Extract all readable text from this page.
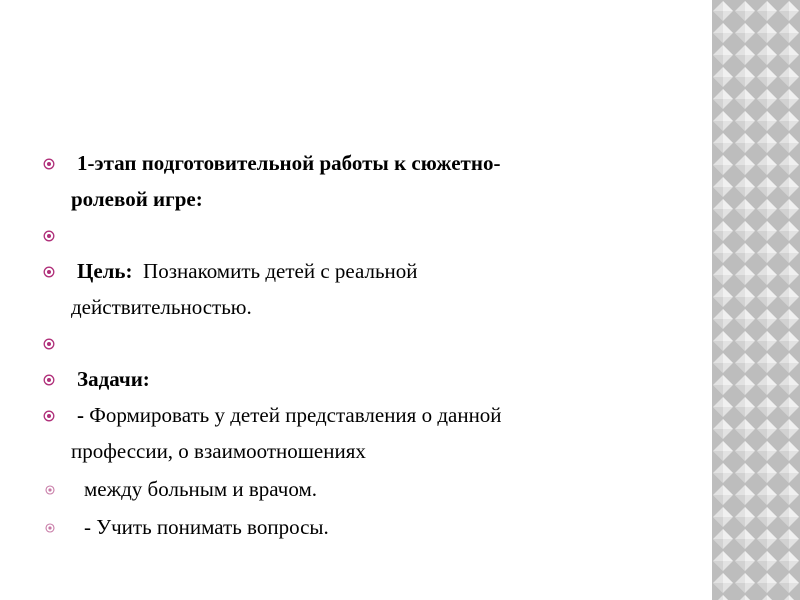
СЮЖЕТНО-РОЛЕВАЯ ИГРА
«У ВРАЧА»
1-этап подготовительной работы к сюжетно-
ролевой игре:
Цель: Познакомить детей с реальной
действительностью.
Задачи:
- Формировать у детей представления о данной
профессии, о взаимоотношениях
между больным и врачом.
- Учить понимать вопросы.
